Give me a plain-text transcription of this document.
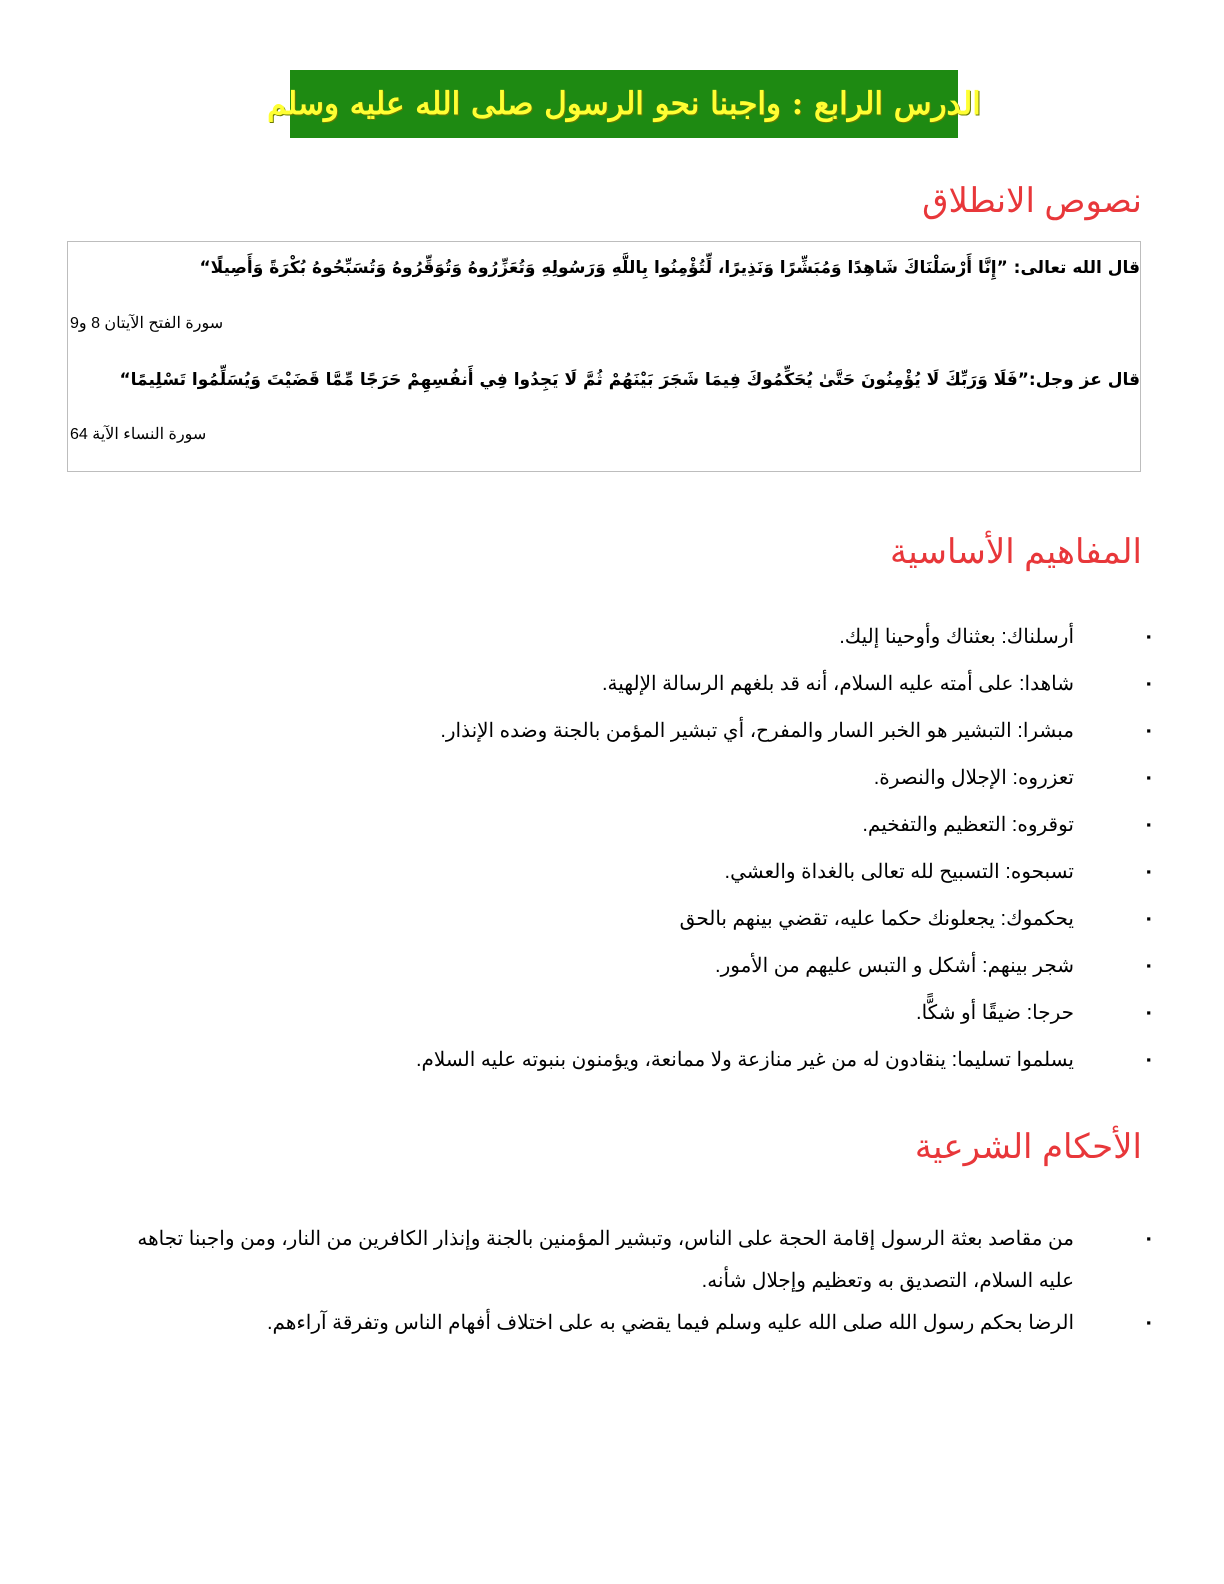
الدرس الرابع : واجبنا نحو الرسول صلى الله عليه وسلم
نصوص الانطلاق
قال الله تعالى: ”إِنَّا أَرْسَلْنَاكَ شَاهِدًا وَمُبَشِّرًا وَنَذِيرًا، لِّتُؤْمِنُوا بِاللَّهِ وَرَسُولِهِ وَتُعَزِّرُوهُ وَتُوَقِّرُوهُ وَتُسَبِّحُوهُ بُكْرَةً وَأَصِيلًا“
سورة الفتح الآيتان 8 و9
قال عز وجل:”فَلَا وَرَبِّكَ لَا يُؤْمِنُونَ حَتَّىٰ يُحَكِّمُوكَ فِيمَا شَجَرَ بَيْنَهُمْ ثُمَّ لَا يَجِدُوا فِي أَنفُسِهِمْ حَرَجًا مِّمَّا قَضَيْتَ وَيُسَلِّمُوا تَسْلِيمًا“
سورة النساء الآية 64
المفاهيم الأساسية
▪
أرسلناك: بعثناك وأوحينا إليك.
▪
شاهدا: على أمته عليه السلام، أنه قد بلغهم الرسالة الإلهية.
▪
مبشرا: التبشير هو الخبر السار والمفرح، أي تبشير المؤمن بالجنة وضده الإنذار.
▪
تعزروه: الإجلال والنصرة.
▪
توقروه: التعظيم والتفخيم.
▪
تسبحوه: التسبيح لله تعالى بالغداة والعشي.
▪
يحكموك: يجعلونك حكما عليه، تقضي بينهم بالحق
▪
شجر بينهم: أشكل و التبس عليهم من الأمور.
▪
حرجا: ضيقًا أو شكًّا.
▪
يسلموا تسليما: ينقادون له من غير منازعة ولا ممانعة، ويؤمنون بنبوته عليه السلام.
الأحكام الشرعية
▪
من مقاصد بعثة الرسول إقامة الحجة على الناس، وتبشير المؤمنين بالجنة وإنذار الكافرين من النار، ومن واجبنا تجاهه عليه السلام، التصديق به وتعظيم وإجلال شأنه.
▪
الرضا بحكم رسول الله صلى الله عليه وسلم فيما يقضي به على اختلاف أفهام الناس وتفرقة آراءهم.
